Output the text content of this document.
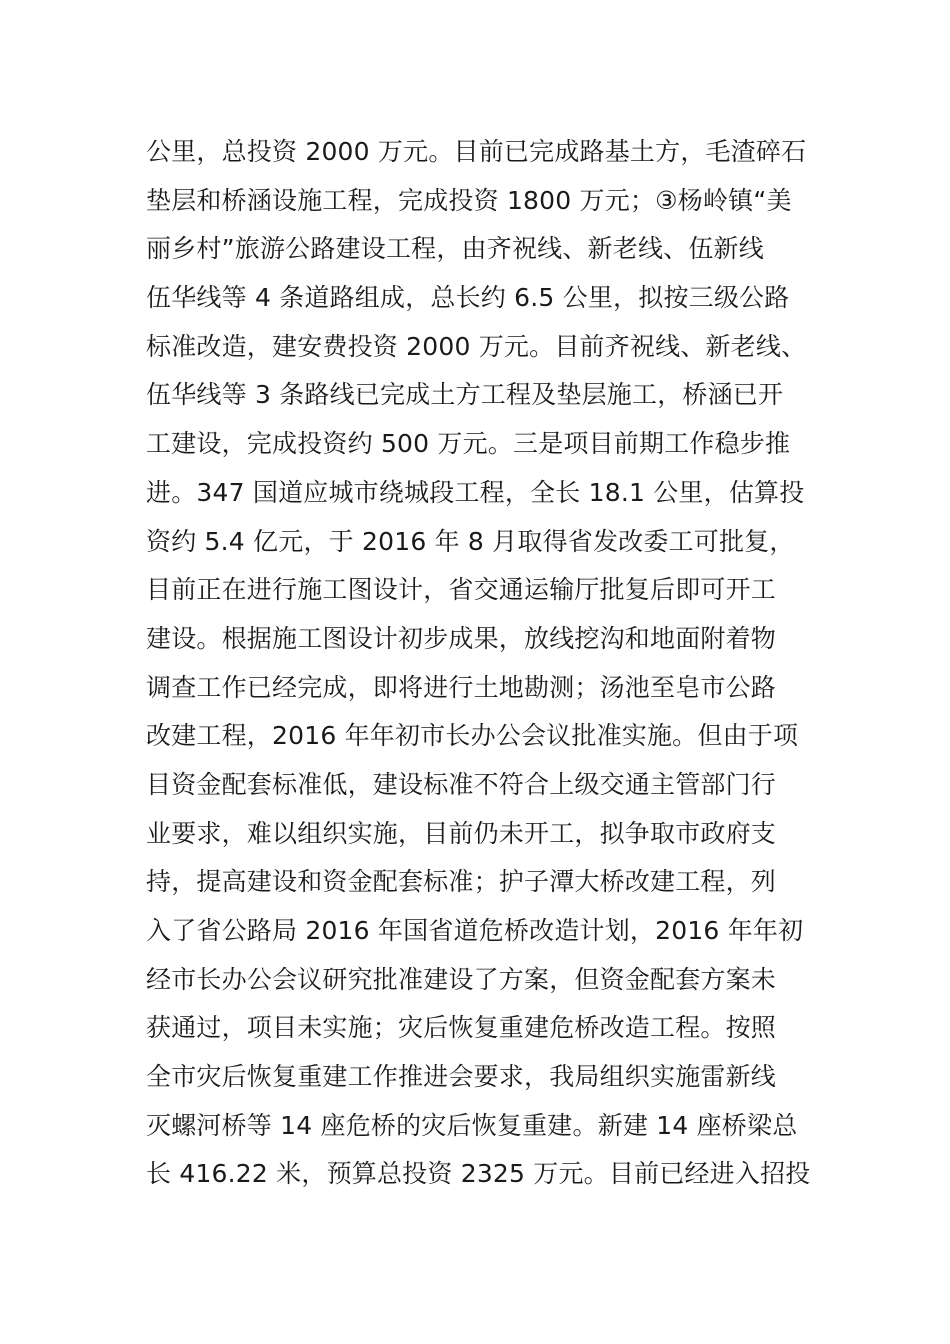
公里，总投资 2000 万元。目前已完成路基土方，毛渣碎石
垫层和桥涵设施工程，完成投资 1800 万元；③杨岭镇“美
丽乡村”旅游公路建设工程，由齐祝线、新老线、伍新线
伍华线等 4 条道路组成，总长约 6.5 公里，拟按三级公路
标准改造，建安费投资 2000 万元。目前齐祝线、新老线、
伍华线等 3 条路线已完成土方工程及垫层施工，桥涵已开
工建设，完成投资约 500 万元。三是项目前期工作稳步推
进。347 国道应城市绕城段工程，全长 18.1 公里，估算投
资约 5.4 亿元，于 2016 年 8 月取得省发改委工可批复，
目前正在进行施工图设计，省交通运输厅批复后即可开工
建设。根据施工图设计初步成果，放线挖沟和地面附着物
调查工作已经完成，即将进行土地勘测；汤池至皂市公路
改建工程，2016 年年初市长办公会议批准实施。但由于项
目资金配套标准低，建设标准不符合上级交通主管部门行
业要求，难以组织实施，目前仍未开工，拟争取市政府支
持，提高建设和资金配套标准；护子潭大桥改建工程，列
入了省公路局 2016 年国省道危桥改造计划，2016 年年初
经市长办公会议研究批准建设了方案，但资金配套方案未
获通过，项目未实施；灾后恢复重建危桥改造工程。按照
全市灾后恢复重建工作推进会要求，我局组织实施雷新线
灭螺河桥等 14 座危桥的灾后恢复重建。新建 14 座桥梁总
长 416.22 米，预算总投资 2325 万元。目前已经进入招投
